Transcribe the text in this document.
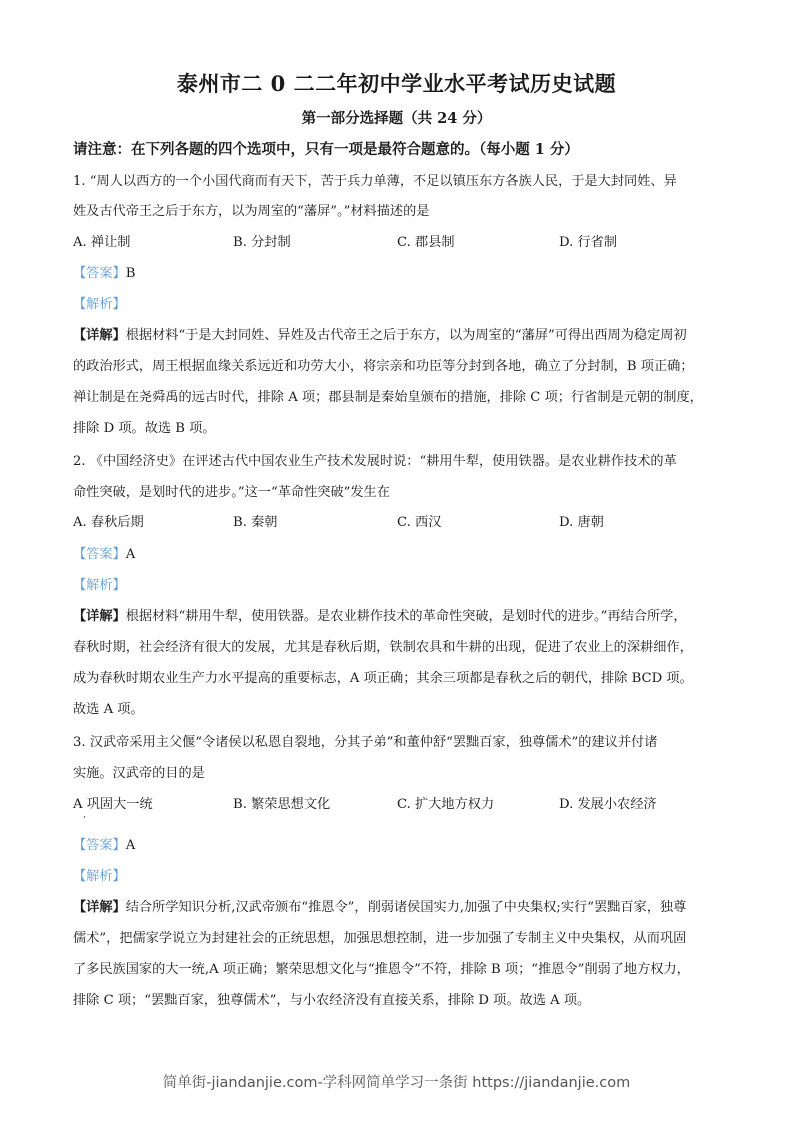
泰州市二 0 二二年初中学业水平考试历史试题
第一部分选择题（共 24 分）
请注意：在下列各题的四个选项中，只有一项是最符合题意的。（每小题 1 分）
1. “周人以西方的一个小国代商而有天下，苦于兵力单薄，不足以镇压东方各族人民，于是大封同姓、异
姓及古代帝王之后于东方，以为周室的“藩屏”。”材料描述的是
A. 禅让制	B. 分封制	C. 郡县制	D. 行省制
【答案】B
【解析】
【详解】根据材料“于是大封同姓、异姓及古代帝王之后于东方，以为周室的“藩屏”可得出西周为稳定周初
的政治形式，周王根据血缘关系远近和功劳大小，将宗亲和功臣等分封到各地，确立了分封制，B 项正确；
禅让制是在尧舜禹的远古时代，排除 A 项；郡县制是秦始皇颁布的措施，排除 C 项；行省制是元朝的制度，
排除 D 项。故选 B 项。
2. 《中国经济史》在评述古代中国农业生产技术发展时说：“耕用牛犁，使用铁器。是农业耕作技术的革
命性突破，是划时代的进步。”这一“革命性突破”发生在
A. 春秋后期	B. 秦朝	C. 西汉	D. 唐朝
【答案】A
【解析】
【详解】根据材料“耕用牛犁，使用铁器。是农业耕作技术的革命性突破，是划时代的进步。”再结合所学，
春秋时期，社会经济有很大的发展，尤其是春秋后期，铁制农具和牛耕的出现，促进了农业上的深耕细作，
成为春秋时期农业生产力水平提高的重要标志，A 项正确；其余三项都是春秋之后的朝代，排除 BCD 项。
故选 A 项。
3. 汉武帝采用主父偃“令诸侯以私恩自裂地，分其子弟”和董仲舒“罢黜百家，独尊儒术”的建议并付诸
实施。汉武帝的目的是
A 巩固大一统	B. 繁荣思想文化	C. 扩大地方权力	D. 发展小农经济
【答案】A
【解析】
【详解】结合所学知识分析,汉武帝颁布“推恩令”，削弱诸侯国实力,加强了中央集权;实行“罢黜百家，独尊
儒术”，把儒家学说立为封建社会的正统思想，加强思想控制，进一步加强了专制主义中央集权，从而巩固
了多民族国家的大一统,A 项正确；繁荣思想文化与“推恩令”不符，排除 B 项；“推恩令”削弱了地方权力，
排除 C 项；“罢黜百家，独尊儒术”，与小农经济没有直接关系，排除 D 项。故选 A 项。
简单街-jiandanjie.com-学科网简单学习一条街 https://jiandanjie.com
